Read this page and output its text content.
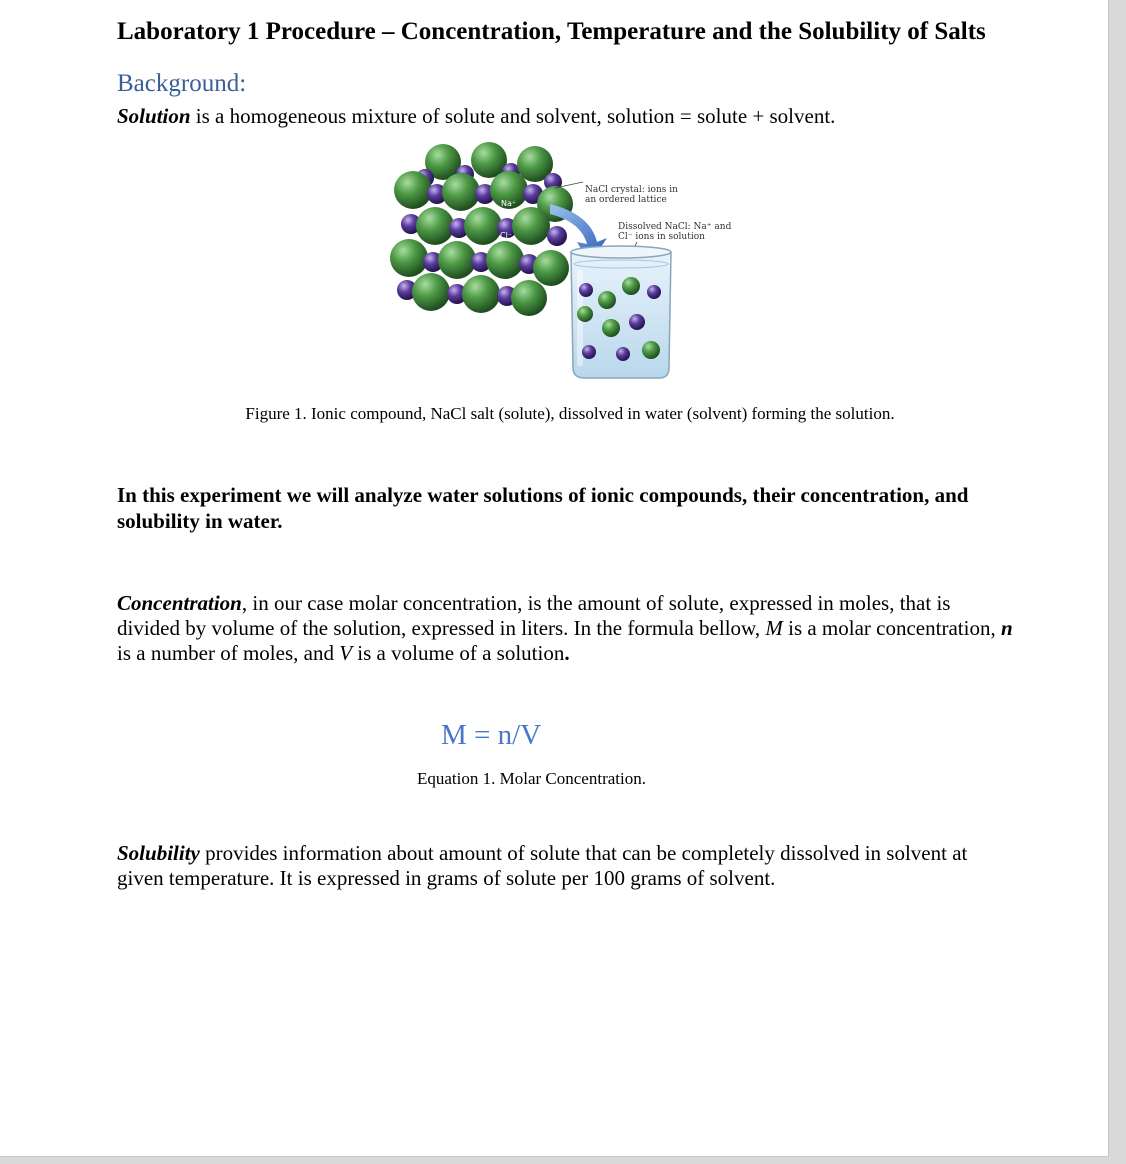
Laboratory 1 Procedure – Concentration, Temperature and the Solubility of Salts
Background:

Solution is a homogeneous mixture of solute and solvent, solution = solute + solvent.

Na⁺
Cl⁻
NaCl crystal: ions in
an ordered lattice
Dissolved NaCl: Na⁺ and
Cl⁻ ions in solution

Figure 1. Ionic compound, NaCl salt (solute), dissolved in water (solvent) forming the solution.

In this experiment we will analyze water solutions of ionic compounds, their concentration, and solubility in water.

Concentration, in our case molar concentration, is the amount of solute, expressed in moles, that is divided by volume of the solution, expressed in liters. In the formula bellow, M is a molar concentration, n is a number of moles, and V is a volume of a solution.

M = n/V

Equation 1. Molar Concentration.

Solubility provides information about amount of solute that can be completely dissolved in solvent at given temperature. It is expressed in grams of solute per 100 grams of solvent.
